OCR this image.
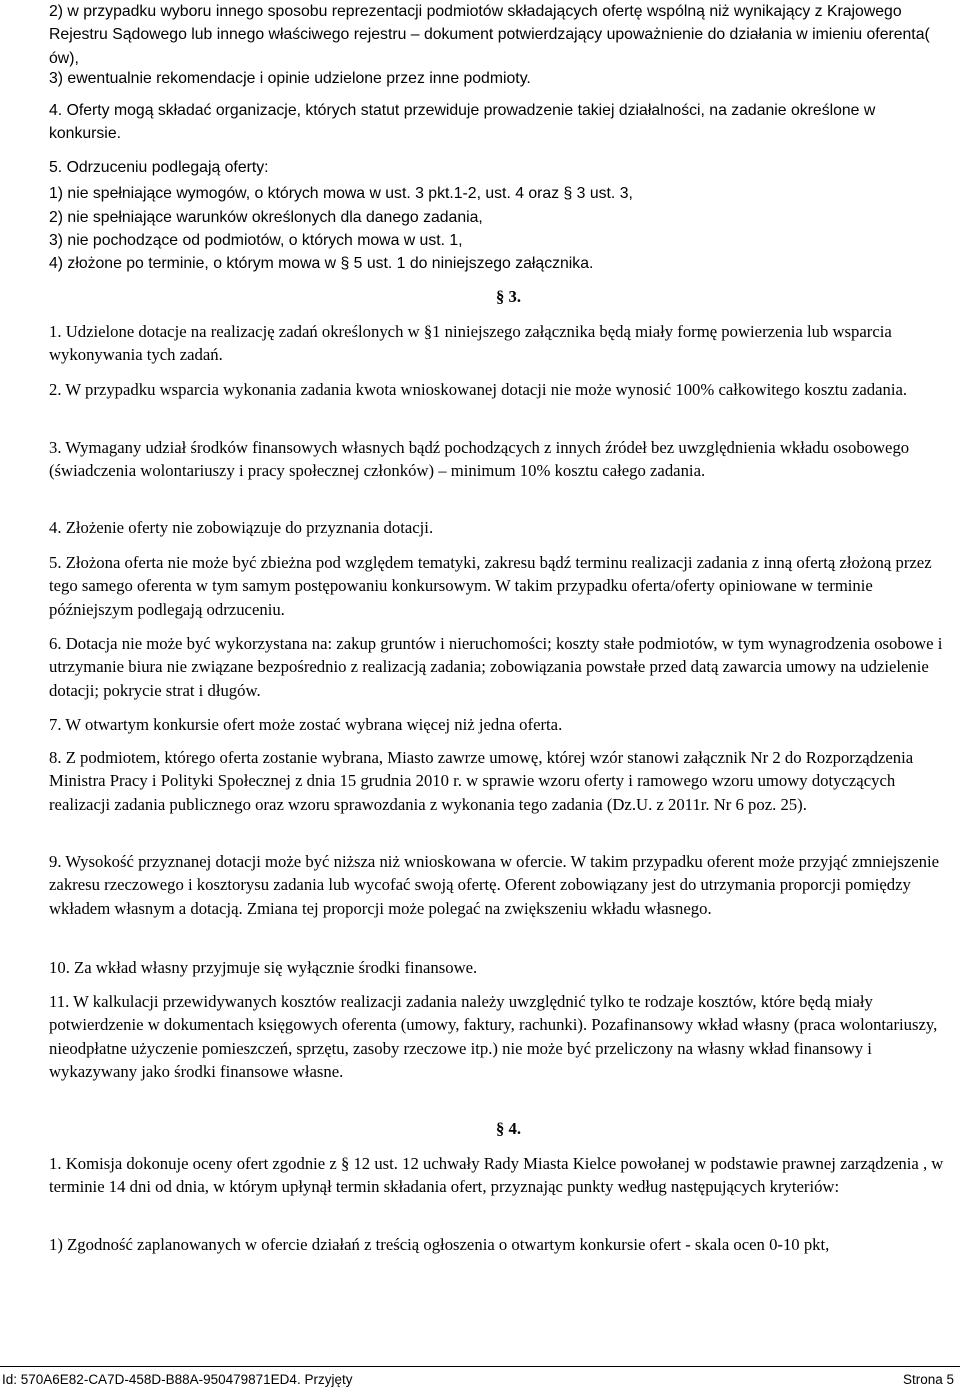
2) w przypadku wyboru innego sposobu reprezentacji podmiotów składających ofertę wspólną niż wynikający z Krajowego Rejestru Sądowego lub innego właściwego rejestru – dokument potwierdzający upoważnienie do działania w imieniu oferenta( ów),

3) ewentualnie rekomendacje i opinie udzielone przez inne podmioty.

4. Oferty mogą składać organizacje, których statut przewiduje prowadzenie takiej działalności, na zadanie określone w konkursie.

5. Odrzuceniu podlegają oferty:

1) nie spełniające wymogów, o których mowa w ust. 3 pkt.1-2, ust. 4 oraz § 3 ust. 3,

2) nie spełniające warunków określonych dla danego zadania,

3) nie pochodzące od podmiotów, o których mowa w ust. 1,

4) złożone po terminie, o którym mowa w § 5 ust. 1 do niniejszego załącznika.

§ 3.

1. Udzielone dotacje na realizację zadań określonych w §1 niniejszego załącznika będą miały formę powierzenia lub wsparcia wykonywania tych zadań.

2. W przypadku wsparcia wykonania zadania kwota wnioskowanej dotacji nie może wynosić 100% całkowitego kosztu zadania.

3. Wymagany udział środków finansowych własnych bądź pochodzących z innych źródeł bez uwzględnienia wkładu osobowego (świadczenia wolontariuszy i pracy społecznej członków) – minimum 10% kosztu całego zadania.

4. Złożenie oferty nie zobowiązuje do przyznania dotacji.

5. Złożona oferta nie może być zbieżna pod względem tematyki, zakresu bądź terminu realizacji zadania z inną ofertą złożoną przez tego samego oferenta w tym samym postępowaniu konkursowym. W takim przypadku oferta/oferty opiniowane w terminie późniejszym podlegają odrzuceniu.

6. Dotacja nie może być wykorzystana na: zakup gruntów i nieruchomości; koszty stałe podmiotów, w tym wynagrodzenia osobowe i utrzymanie biura nie związane bezpośrednio z realizacją zadania; zobowiązania powstałe przed datą zawarcia umowy na udzielenie dotacji; pokrycie strat i długów.

7. W otwartym konkursie ofert może zostać wybrana więcej niż jedna oferta.

8. Z podmiotem, którego oferta zostanie wybrana, Miasto zawrze umowę, której wzór stanowi załącznik Nr 2 do Rozporządzenia Ministra Pracy i Polityki Społecznej z dnia 15 grudnia 2010 r. w sprawie wzoru oferty i ramowego wzoru umowy dotyczących realizacji zadania publicznego oraz wzoru sprawozdania z wykonania tego zadania (Dz.U. z 2011r. Nr 6 poz. 25).

9. Wysokość przyznanej dotacji może być niższa niż wnioskowana w ofercie. W takim przypadku oferent może przyjąć zmniejszenie zakresu rzeczowego i kosztorysu zadania lub wycofać swoją ofertę. Oferent zobowiązany jest do utrzymania proporcji pomiędzy wkładem własnym a dotacją. Zmiana tej proporcji może polegać na zwiększeniu wkładu własnego.

10. Za wkład własny przyjmuje się wyłącznie środki finansowe.

11. W kalkulacji przewidywanych kosztów realizacji zadania należy uwzględnić tylko te rodzaje kosztów, które będą miały potwierdzenie w dokumentach księgowych oferenta (umowy, faktury, rachunki). Pozafinansowy wkład własny (praca wolontariuszy, nieodpłatne użyczenie pomieszczeń, sprzętu, zasoby rzeczowe itp.) nie może być przeliczony na własny wkład finansowy i wykazywany jako środki finansowe własne.

§ 4.

1. Komisja dokonuje oceny ofert zgodnie z § 12 ust. 12 uchwały Rady Miasta Kielce powołanej w podstawie prawnej zarządzenia , w terminie 14 dni od dnia, w którym upłynął termin składania ofert, przyznając punkty według następujących kryteriów:

1) Zgodność zaplanowanych w ofercie działań z treścią ogłoszenia o otwartym konkursie ofert - skala ocen 0-10 pkt,

Id: 570A6E82-CA7D-458D-B88A-950479871ED4. Przyjęty	Strona 5
